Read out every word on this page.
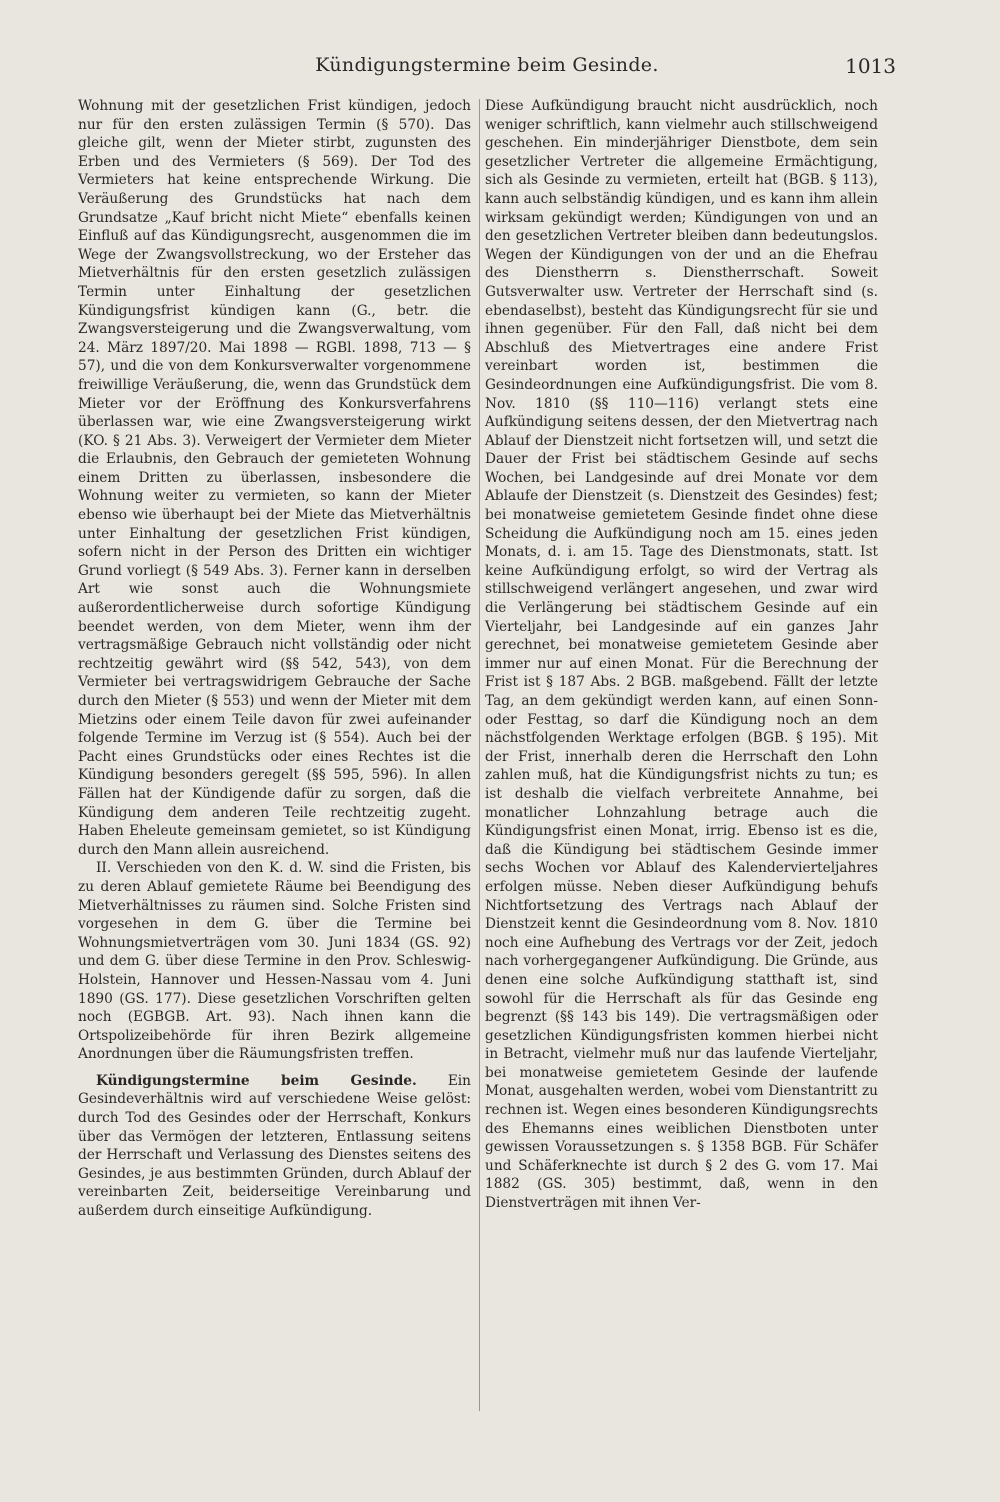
Kündigungstermine beim Gesinde.	1013

Wohnung mit der gesetzlichen Frist kündigen, jedoch nur für den ersten zulässigen Termin (§ 570). Das gleiche gilt, wenn der Mieter stirbt, zugunsten des Erben und des Vermieters (§ 569). Der Tod des Vermieters hat keine entsprechende Wirkung. Die Veräußerung des Grundstücks hat nach dem Grundsatze „Kauf bricht nicht Miete“ ebenfalls keinen Einfluß auf das Kündigungsrecht, ausgenommen die im Wege der Zwangsvollstreckung, wo der Ersteher das Mietverhältnis für den ersten gesetzlich zulässigen Termin unter Einhaltung der gesetzlichen Kündigungsfrist kündigen kann (G., betr. die Zwangsversteigerung und die Zwangsverwaltung, vom 24. März 1897/20. Mai 1898 — RGBl. 1898, 713 — § 57), und die von dem Konkursverwalter vorgenommene freiwillige Veräußerung, die, wenn das Grundstück dem Mieter vor der Eröffnung des Konkursverfahrens überlassen war, wie eine Zwangsversteigerung wirkt (KO. § 21 Abs. 3). Verweigert der Vermieter dem Mieter die Erlaubnis, den Gebrauch der gemieteten Wohnung einem Dritten zu überlassen, insbesondere die Wohnung weiter zu vermieten, so kann der Mieter ebenso wie überhaupt bei der Miete das Mietverhältnis unter Einhaltung der gesetzlichen Frist kündigen, sofern nicht in der Person des Dritten ein wichtiger Grund vorliegt (§ 549 Abs. 3). Ferner kann in derselben Art wie sonst auch die Wohnungsmiete außerordentlicherweise durch sofortige Kündigung beendet werden, von dem Mieter, wenn ihm der vertragsmäßige Gebrauch nicht vollständig oder nicht rechtzeitig gewährt wird (§§ 542, 543), von dem Vermieter bei vertragswidrigem Gebrauche der Sache durch den Mieter (§ 553) und wenn der Mieter mit dem Mietzins oder einem Teile davon für zwei aufeinander folgende Termine im Verzug ist (§ 554). Auch bei der Pacht eines Grundstücks oder eines Rechtes ist die Kündigung besonders geregelt (§§ 595, 596). In allen Fällen hat der Kündigende dafür zu sorgen, daß die Kündigung dem anderen Teile rechtzeitig zugeht. Haben Eheleute gemeinsam gemietet, so ist Kündigung durch den Mann allein ausreichend.

II. Verschieden von den K. d. W. sind die Fristen, bis zu deren Ablauf gemietete Räume bei Beendigung des Mietverhältnisses zu räumen sind. Solche Fristen sind vorgesehen in dem G. über die Termine bei Wohnungsmietverträgen vom 30. Juni 1834 (GS. 92) und dem G. über diese Termine in den Prov. Schleswig-Holstein, Hannover und Hessen-Nassau vom 4. Juni 1890 (GS. 177). Diese gesetzlichen Vorschriften gelten noch (EGBGB. Art. 93). Nach ihnen kann die Ortspolizeibehörde für ihren Bezirk allgemeine Anordnungen über die Räumungsfristen treffen.

Kündigungstermine beim Gesinde. Ein Gesindeverhältnis wird auf verschiedene Weise gelöst: durch Tod des Gesindes oder der Herrschaft, Konkurs über das Vermögen der letzteren, Entlassung seitens der Herrschaft und Verlassung des Dienstes seitens des Gesindes, je aus bestimmten Gründen, durch Ablauf der vereinbarten Zeit, beiderseitige Vereinbarung und außerdem durch einseitige Aufkündigung.

Diese Aufkündigung braucht nicht ausdrücklich, noch weniger schriftlich, kann vielmehr auch stillschweigend geschehen. Ein minderjähriger Dienstbote, dem sein gesetzlicher Vertreter die allgemeine Ermächtigung, sich als Gesinde zu vermieten, erteilt hat (BGB. § 113), kann auch selbständig kündigen, und es kann ihm allein wirksam gekündigt werden; Kündigungen von und an den gesetzlichen Vertreter bleiben dann bedeutungslos. Wegen der Kündigungen von der und an die Ehefrau des Dienstherrn s. Dienstherrschaft. Soweit Gutsverwalter usw. Vertreter der Herrschaft sind (s. ebendaselbst), besteht das Kündigungsrecht für sie und ihnen gegenüber. Für den Fall, daß nicht bei dem Abschluß des Mietvertrages eine andere Frist vereinbart worden ist, bestimmen die Gesindeordnungen eine Aufkündigungsfrist. Die vom 8. Nov. 1810 (§§ 110—116) verlangt stets eine Aufkündigung seitens dessen, der den Mietvertrag nach Ablauf der Dienstzeit nicht fortsetzen will, und setzt die Dauer der Frist bei städtischem Gesinde auf sechs Wochen, bei Landgesinde auf drei Monate vor dem Ablaufe der Dienstzeit (s. Dienstzeit des Gesindes) fest; bei monatweise gemietetem Gesinde findet ohne diese Scheidung die Aufkündigung noch am 15. eines jeden Monats, d. i. am 15. Tage des Dienstmonats, statt. Ist keine Aufkündigung erfolgt, so wird der Vertrag als stillschweigend verlängert angesehen, und zwar wird die Verlängerung bei städtischem Gesinde auf ein Vierteljahr, bei Landgesinde auf ein ganzes Jahr gerechnet, bei monatweise gemietetem Gesinde aber immer nur auf einen Monat. Für die Berechnung der Frist ist § 187 Abs. 2 BGB. maßgebend. Fällt der letzte Tag, an dem gekündigt werden kann, auf einen Sonn- oder Festtag, so darf die Kündigung noch an dem nächstfolgenden Werktage erfolgen (BGB. § 195). Mit der Frist, innerhalb deren die Herrschaft den Lohn zahlen muß, hat die Kündigungsfrist nichts zu tun; es ist deshalb die vielfach verbreitete Annahme, bei monatlicher Lohnzahlung betrage auch die Kündigungsfrist einen Monat, irrig. Ebenso ist es die, daß die Kündigung bei städtischem Gesinde immer sechs Wochen vor Ablauf des Kalendervierteljahres erfolgen müsse. Neben dieser Aufkündigung behufs Nichtfortsetzung des Vertrags nach Ablauf der Dienstzeit kennt die Gesindeordnung vom 8. Nov. 1810 noch eine Aufhebung des Vertrags vor der Zeit, jedoch nach vorhergegangener Aufkündigung. Die Gründe, aus denen eine solche Aufkündigung statthaft ist, sind sowohl für die Herrschaft als für das Gesinde eng begrenzt (§§ 143 bis 149). Die vertragsmäßigen oder gesetzlichen Kündigungsfristen kommen hierbei nicht in Betracht, vielmehr muß nur das laufende Vierteljahr, bei monatweise gemietetem Gesinde der laufende Monat, ausgehalten werden, wobei vom Dienstantritt zu rechnen ist. Wegen eines besonderen Kündigungsrechts des Ehemanns eines weiblichen Dienstboten unter gewissen Voraussetzungen s. § 1358 BGB. Für Schäfer und Schäferknechte ist durch § 2 des G. vom 17. Mai 1882 (GS. 305) bestimmt, daß, wenn in den Dienstverträgen mit ihnen Ver-
